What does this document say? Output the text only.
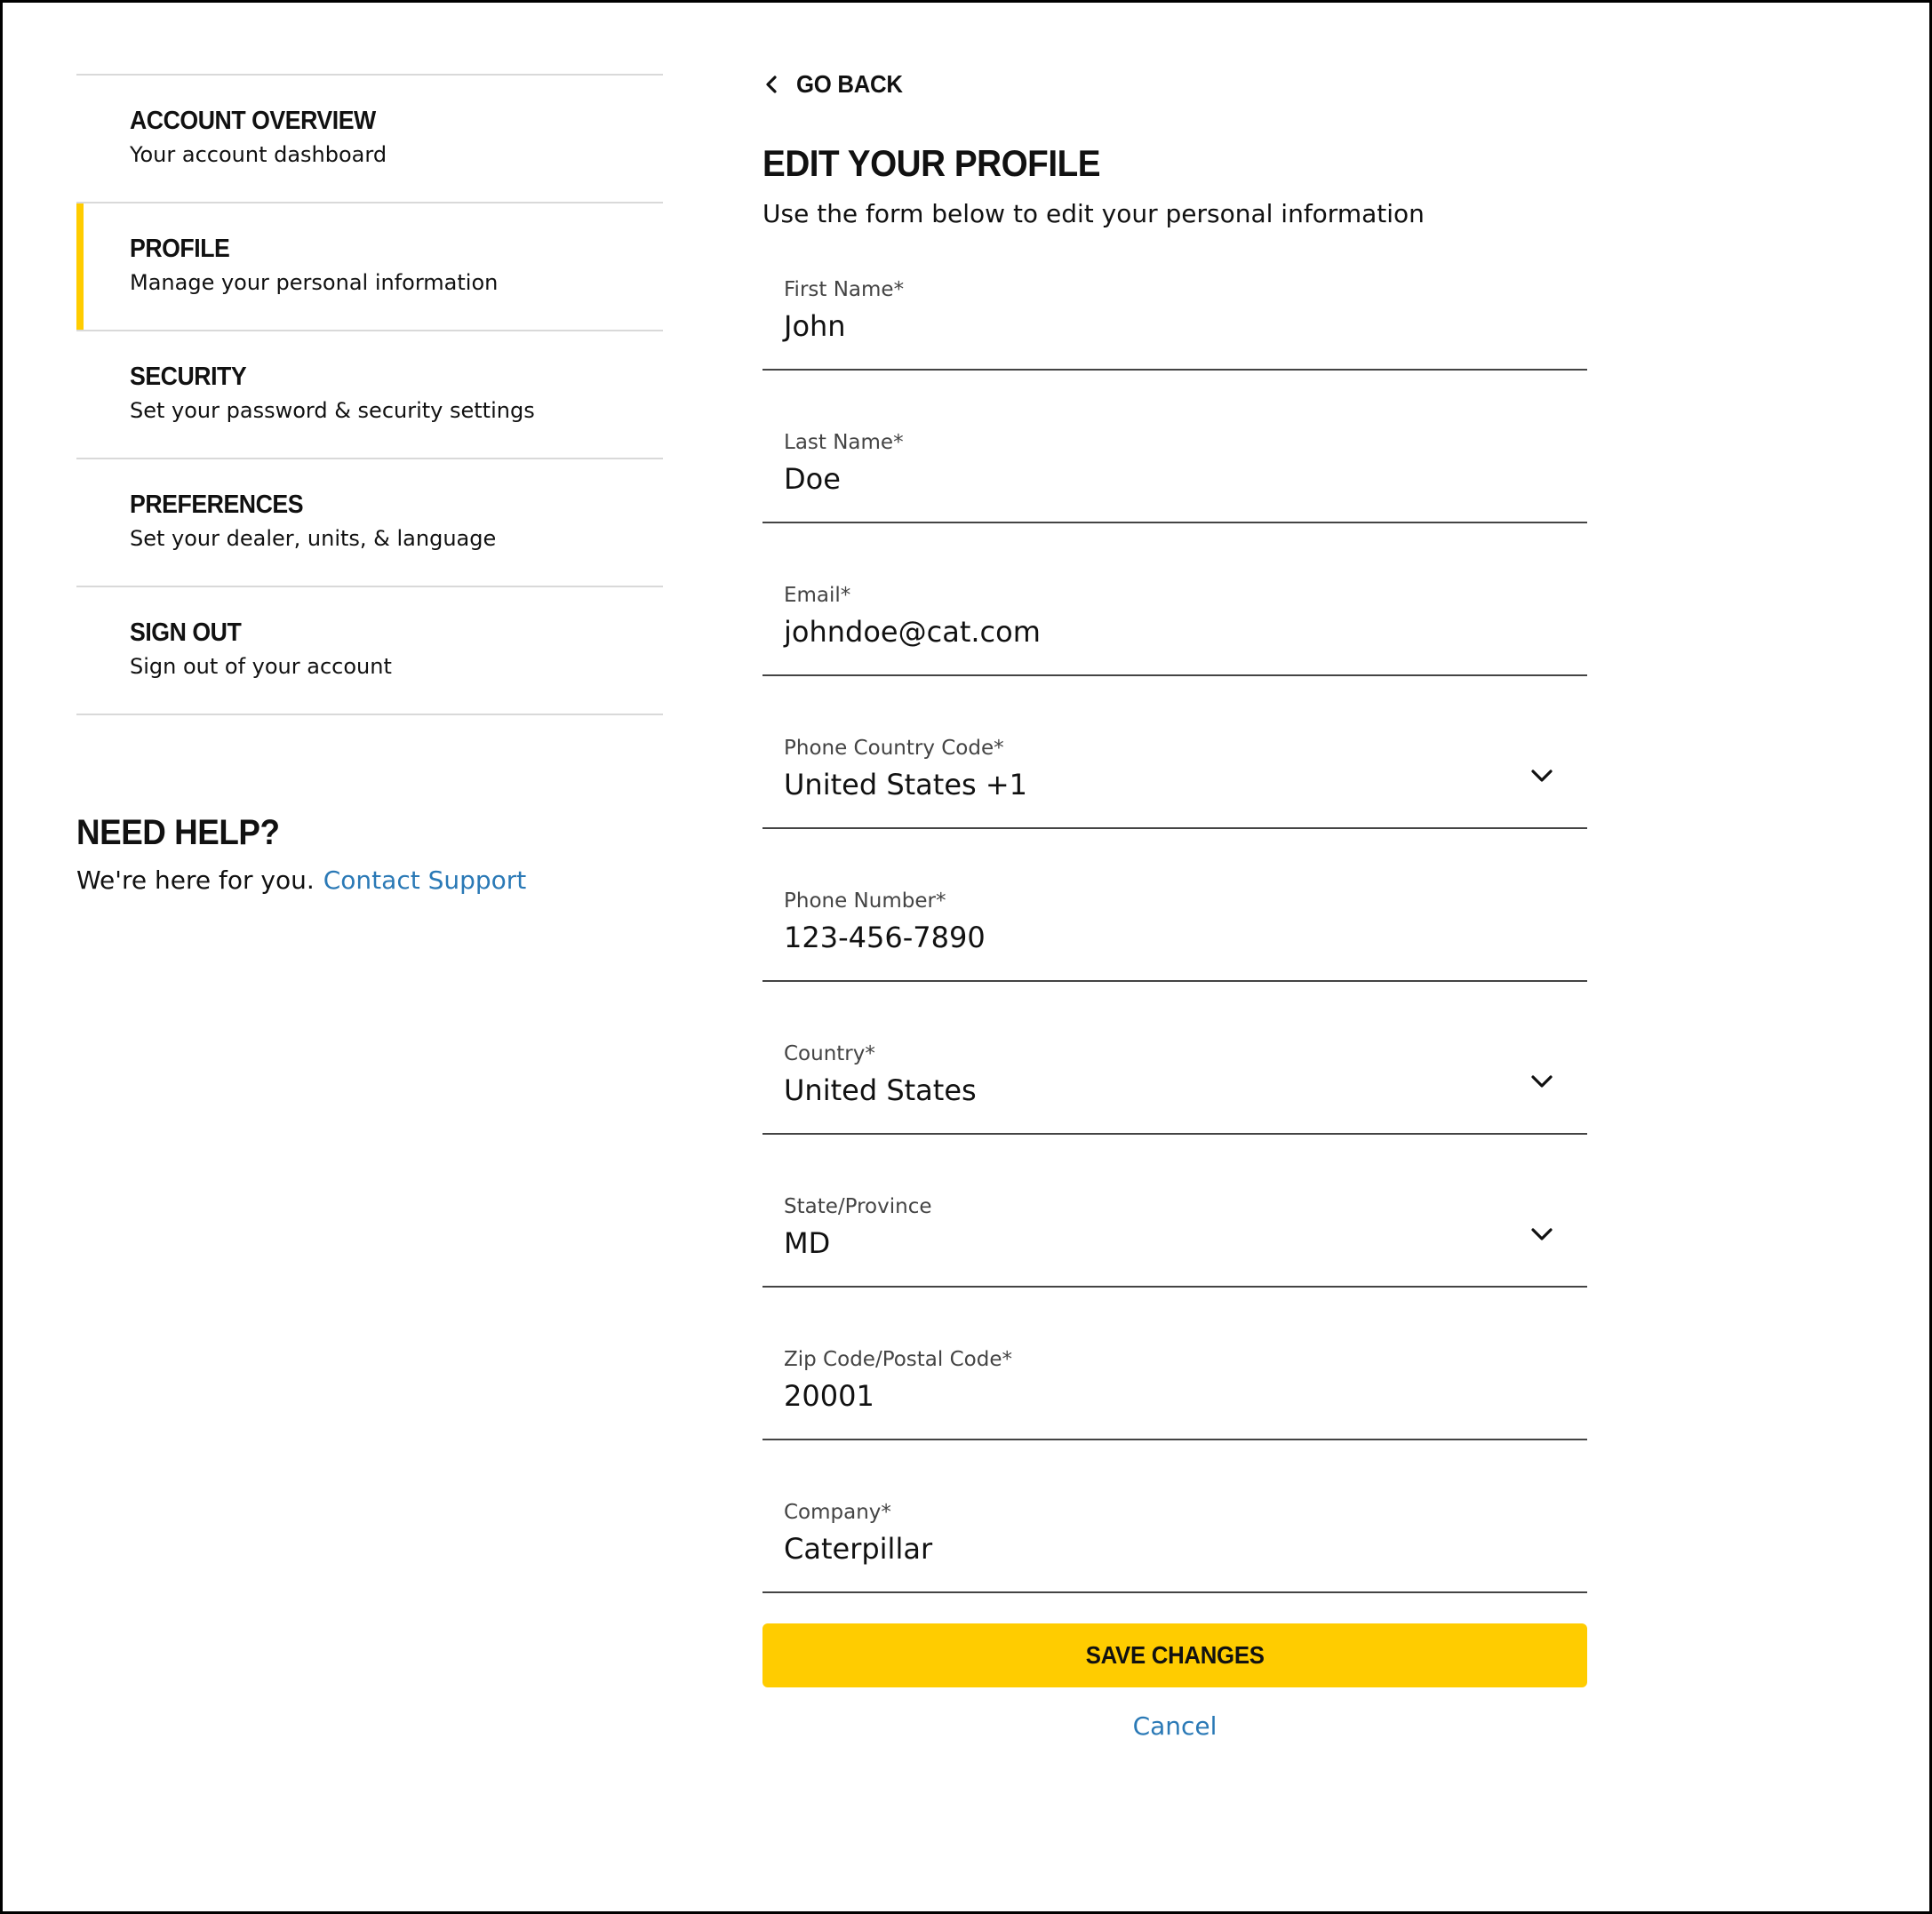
ACCOUNT OVERVIEW
Your account dashboard
PROFILE
Manage your personal information
SECURITY
Set your password & security settings
PREFERENCES
Set your dealer, units, & language
SIGN OUT
Sign out of your account
NEED HELP?
We're here for you. Contact Support
GO BACK
EDIT YOUR PROFILE
Use the form below to edit your personal information
First Name*
John
Last Name*
Doe
Email*
johndoe@cat.com
Phone Country Code*
United States +1
Phone Number*
123-456-7890
Country*
United States
State/Province
MD
Zip Code/Postal Code*
20001
Company*
Caterpillar
SAVE CHANGES
Cancel
